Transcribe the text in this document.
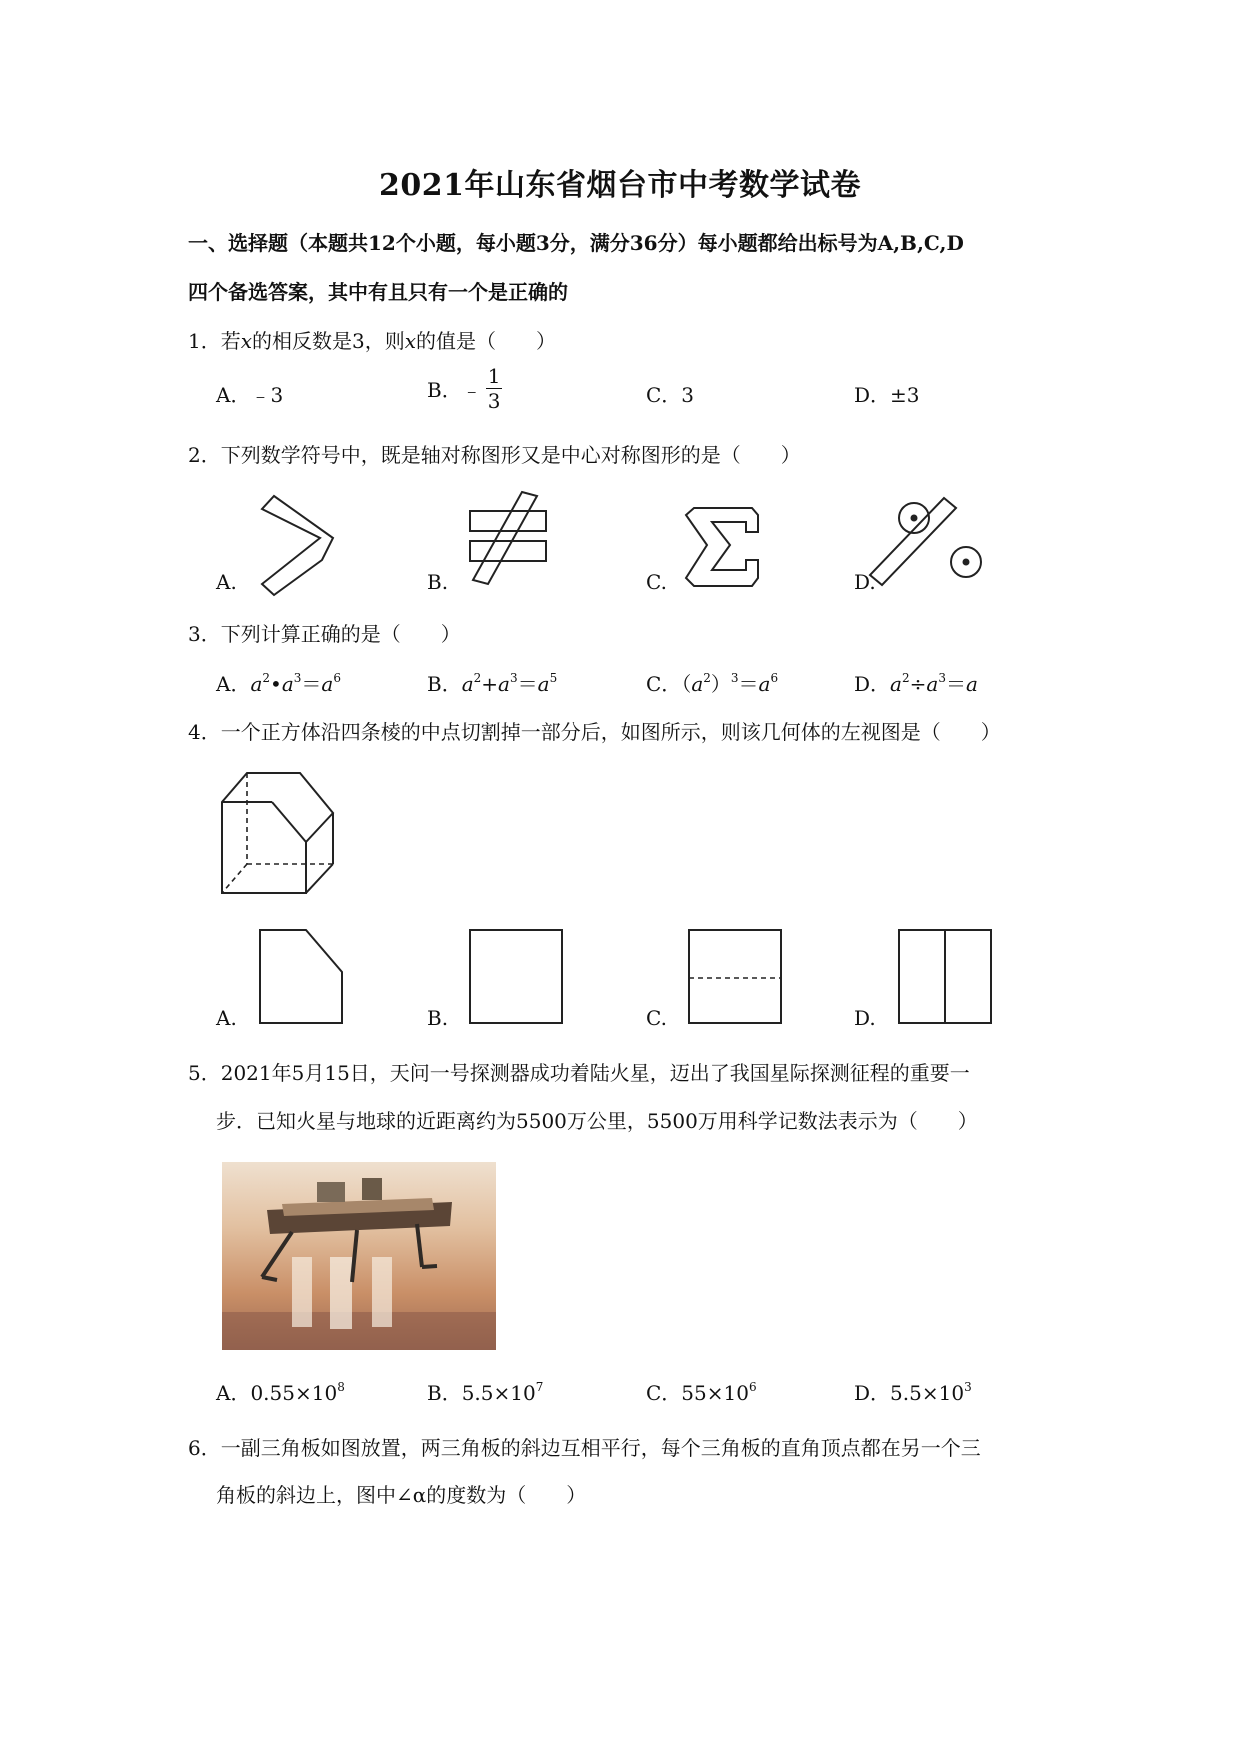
2021年山东省烟台市中考数学试卷
一、选择题（本题共12个小题，每小题3分，满分36分）每小题都给出标号为A,B,C,D
四个备选答案，其中有且只有一个是正确的
1．若x的相反数是3，则x的值是（　　）
A．﹣3	B．﹣ $\frac{1}{3}$	C．3	D．±3
2．下列数学符号中，既是轴对称图形又是中心对称图形的是（　　）
A.	B.	C.	D.
3．下列计算正确的是（　　）
A．$a^2•a^3=a^6$	B．$a^2+a^3=a^5$	C．$(a^2)^3=a^6$	D．$a^2\div a^3=a$
4．一个正方体沿四条棱的中点切割掉一部分后，如图所示，则该几何体的左视图是（　　）
A.	B.	C.	D.
5．2021年5月15日，天问一号探测器成功着陆火星，迈出了我国星际探测征程的重要一
步．已知火星与地球的近距离约为5500万公里，5500万用科学记数法表示为（　　）
A．$0.55\times 10^8$	B．$5.5\times 10^7$	C．$55\times 10^6$	D．$5.5\times 10^3$
6．一副三角板如图放置，两三角板的斜边互相平行，每个三角板的直角顶点都在另一个三
角板的斜边上，图中∠α的度数为（　　）
